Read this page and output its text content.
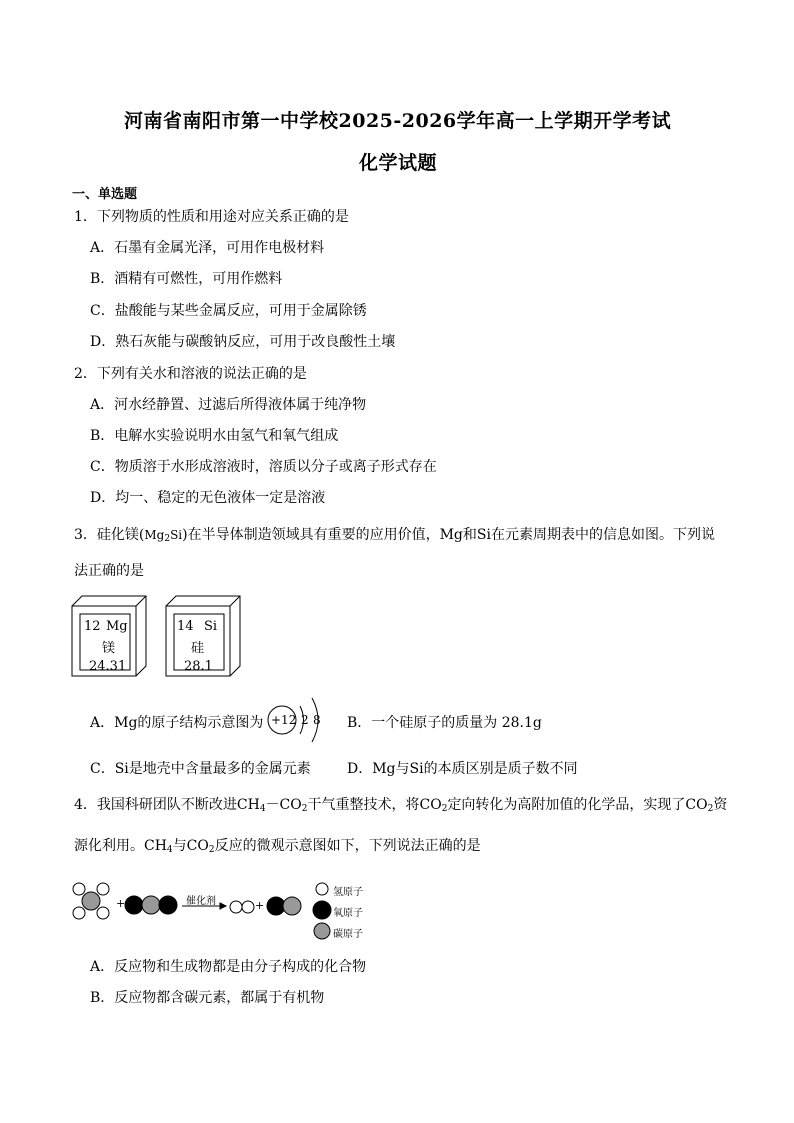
河南省南阳市第一中学校2025-2026学年高一上学期开学考试
化学试题
一、单选题
1．下列物质的性质和用途对应关系正确的是
A．石墨有金属光泽，可用作电极材料
B．酒精有可燃性，可用作燃料
C．盐酸能与某些金属反应，可用于金属除锈
D．熟石灰能与碳酸钠反应，可用于改良酸性土壤
2．下列有关水和溶液的说法正确的是
A．河水经静置、过滤后所得液体属于纯净物
B．电解水实验说明水由氢气和氧气组成
C．物质溶于水形成溶液时，溶质以分子或离子形式存在
D．均一、稳定的无色液体一定是溶液
3．硅化镁$(Mg_2Si)$在半导体制造领域具有重要的应用价值，Mg和Si在元素周期表中的信息如图。下列说
法正确的是
12 Mg
镁
24.31
14 Si
硅
28.1
A．Mg的原子结构示意图为 +12 2 8 B．一个硅原子的质量为 28.1g
C．Si是地壳中含量最多的金属元素	D．Mg与Si的本质区别是质子数不同
4．我国科研团队不断改进$CH_4-CO_2$干气重整技术，将$CO_2$定向转化为高附加值的化学品，实现了$CO_2$资
源化利用。$CH_4$与$CO_2$反应的微观示意图如下，下列说法正确的是
+	+
催化剂
氢原子
氧原子
碳原子
A．反应物和生成物都是由分子构成的化合物
B．反应物都含碳元素，都属于有机物
